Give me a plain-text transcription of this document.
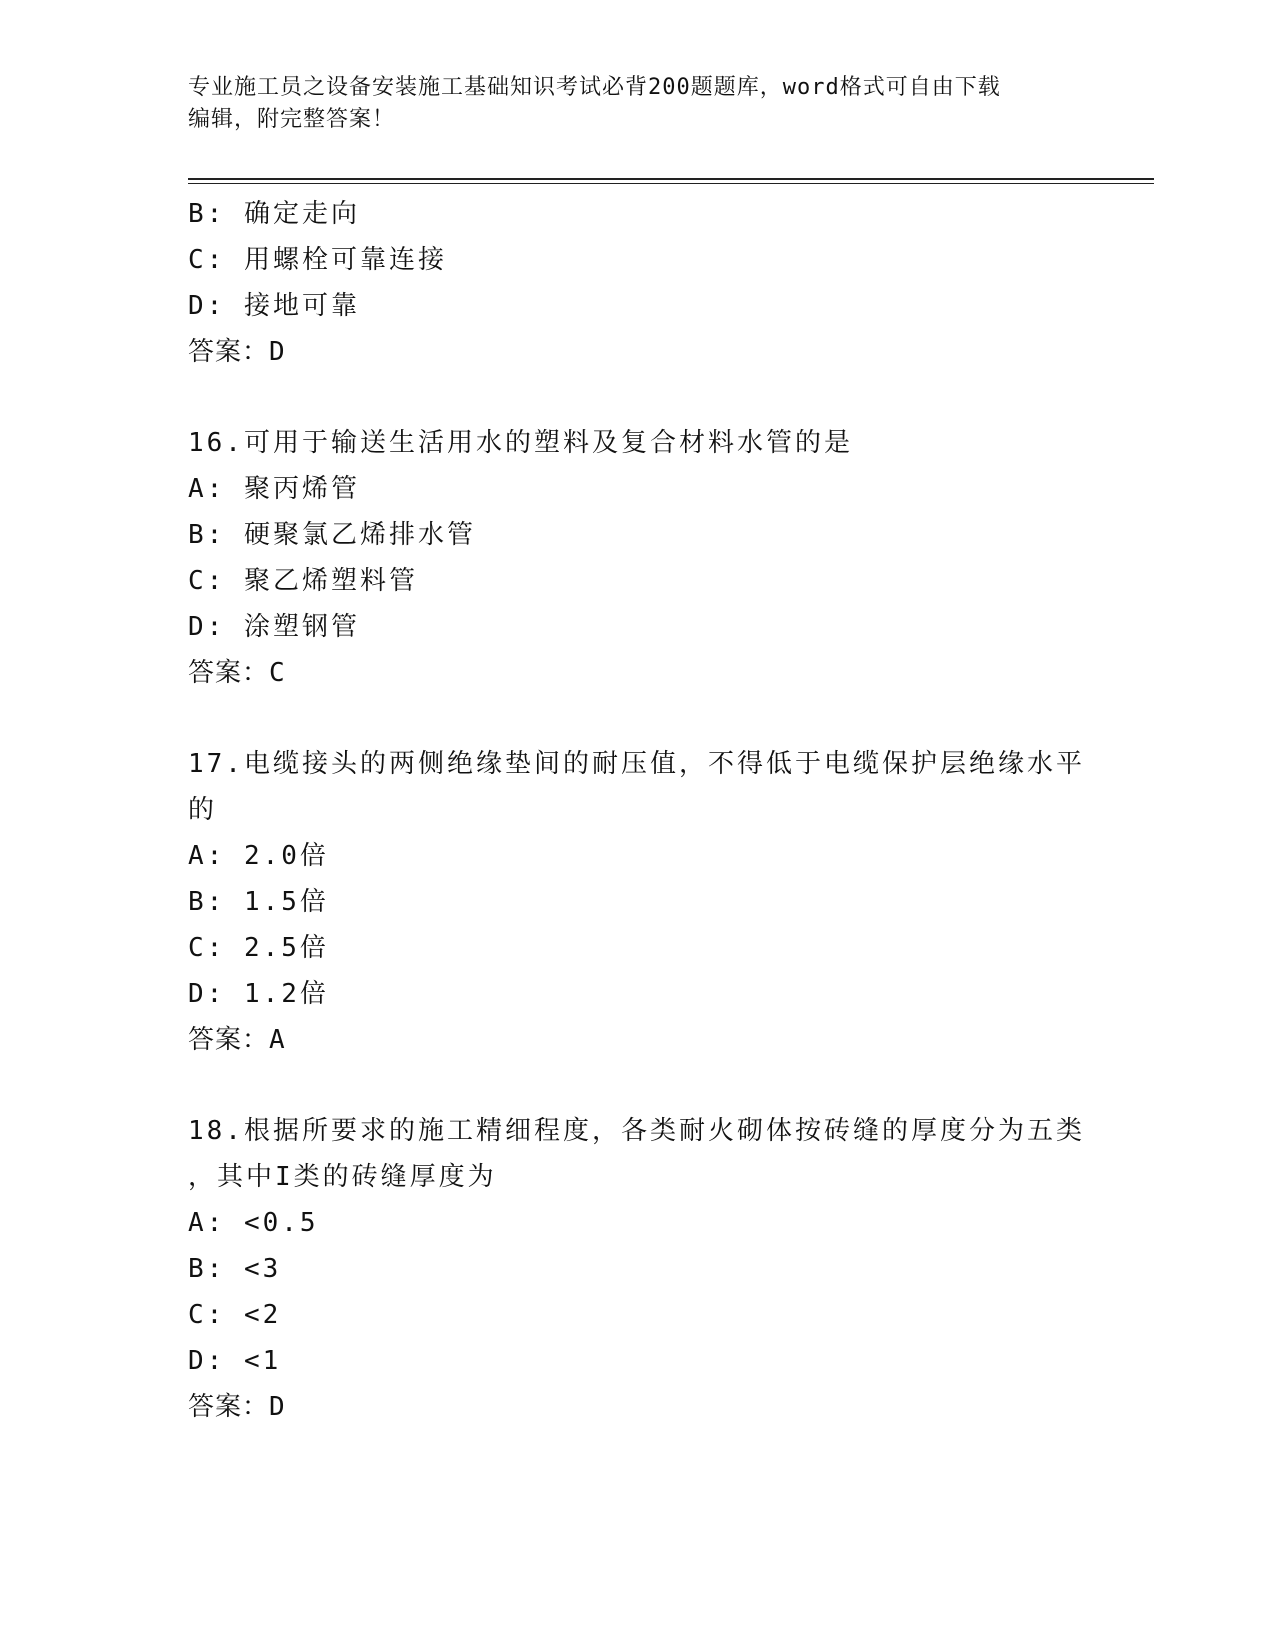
专业施工员之设备安装施工基础知识考试必背200题题库，word格式可自由下载
编辑，附完整答案！
B: 确定走向
C: 用螺栓可靠连接
D: 接地可靠
答案：D
16.可用于输送生活用水的塑料及复合材料水管的是
A: 聚丙烯管
B: 硬聚氯乙烯排水管
C: 聚乙烯塑料管
D: 涂塑钢管
答案：C
17.电缆接头的两侧绝缘垫间的耐压值，不得低于电缆保护层绝缘水平
的
A: 2.0倍
B: 1.5倍
C: 2.5倍
D: 1.2倍
答案：A
18.根据所要求的施工精细程度，各类耐火砌体按砖缝的厚度分为五类
，其中I类的砖缝厚度为
A: <0.5
B: <3
C: <2
D: <1
答案：D
